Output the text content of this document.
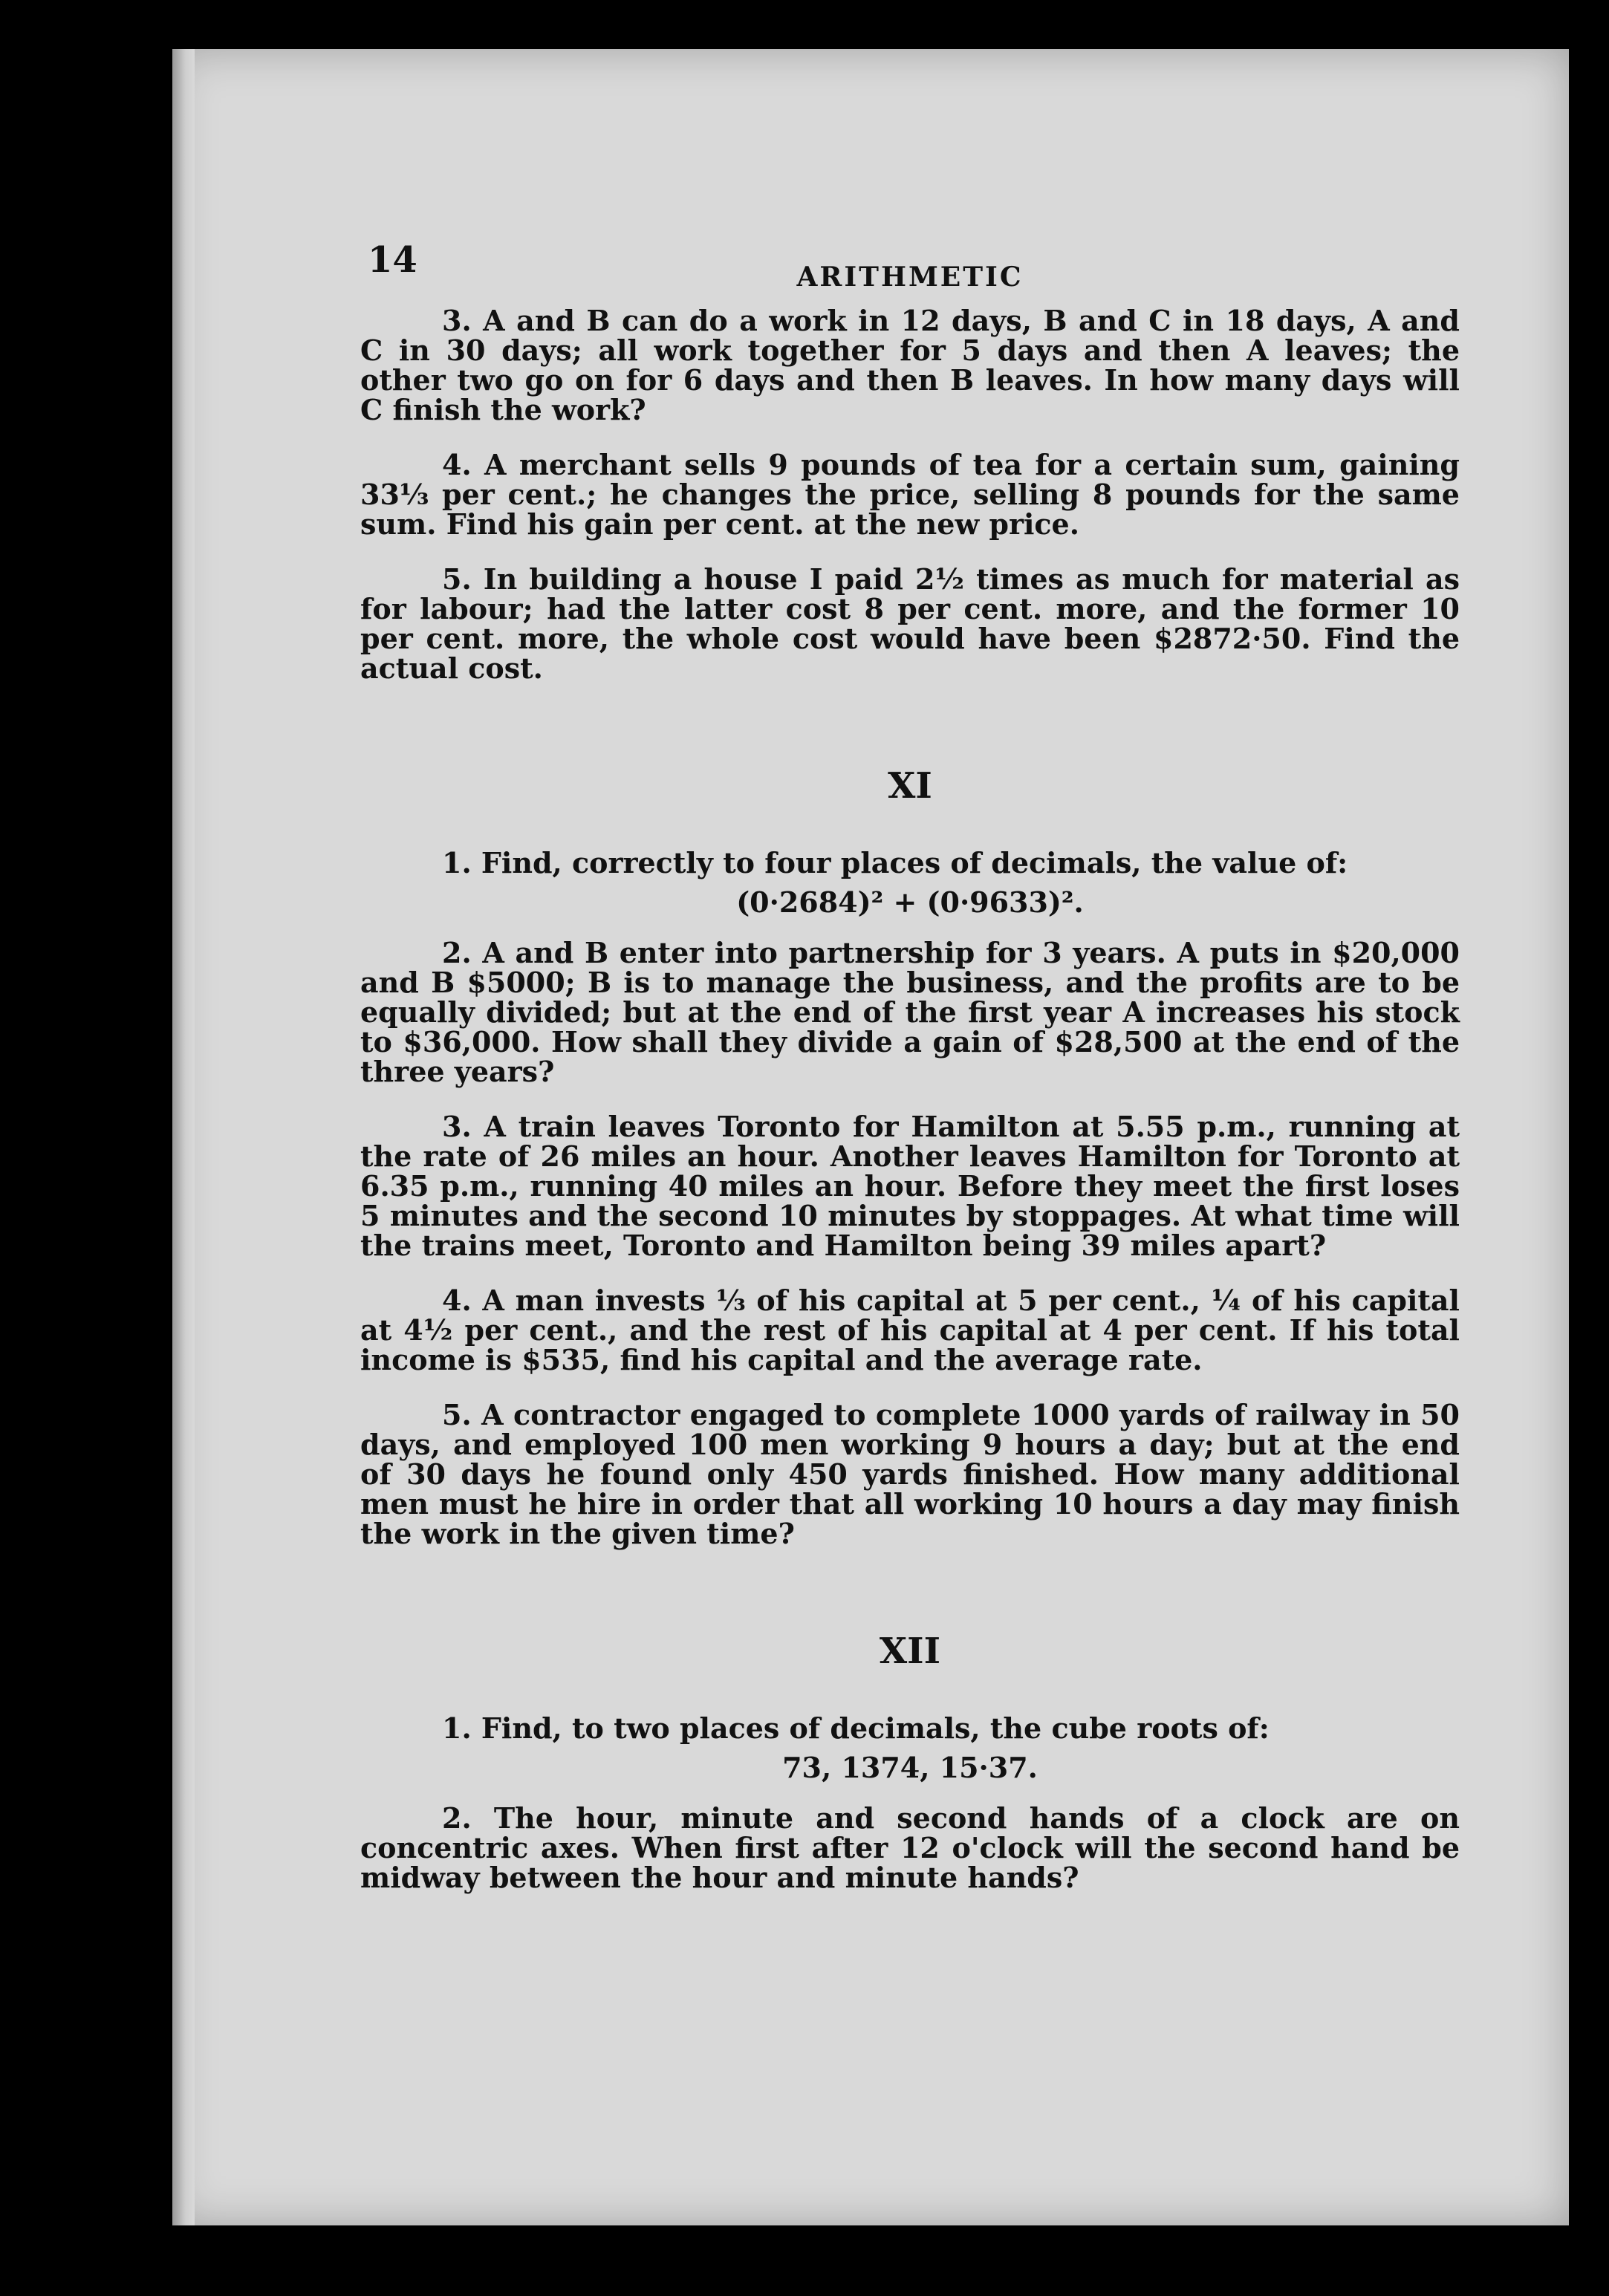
14	ARITHMETIC

3. A and B can do a work in 12 days, B and C in 18 days, A and C in 30 days; all work together for 5 days and then A leaves; the other two go on for 6 days and then B leaves. In how many days will C finish the work?

4. A merchant sells 9 pounds of tea for a certain sum, gaining 33⅓ per cent.; he changes the price, selling 8 pounds for the same sum. Find his gain per cent. at the new price.

5. In building a house I paid 2½ times as much for material as for labour; had the latter cost 8 per cent. more, and the former 10 per cent. more, the whole cost would have been $2872·50. Find the actual cost.

XI

1. Find, correctly to four places of decimals, the value of:

(0·2684)² + (0·9633)².

2. A and B enter into partnership for 3 years. A puts in $20,000 and B $5000; B is to manage the business, and the profits are to be equally divided; but at the end of the first year A increases his stock to $36,000. How shall they divide a gain of $28,500 at the end of the three years?

3. A train leaves Toronto for Hamilton at 5.55 p.m., running at the rate of 26 miles an hour. Another leaves Hamilton for Toronto at 6.35 p.m., running 40 miles an hour. Before they meet the first loses 5 minutes and the second 10 minutes by stoppages. At what time will the trains meet, Toronto and Hamilton being 39 miles apart?

4. A man invests ⅓ of his capital at 5 per cent., ¼ of his capital at 4½ per cent., and the rest of his capital at 4 per cent. If his total income is $535, find his capital and the average rate.

5. A contractor engaged to complete 1000 yards of railway in 50 days, and employed 100 men working 9 hours a day; but at the end of 30 days he found only 450 yards finished. How many additional men must he hire in order that all working 10 hours a day may finish the work in the given time?

XII

1. Find, to two places of decimals, the cube roots of:

73, 1374, 15·37.

2. The hour, minute and second hands of a clock are on concentric axes. When first after 12 o'clock will the second hand be midway between the hour and minute hands?
